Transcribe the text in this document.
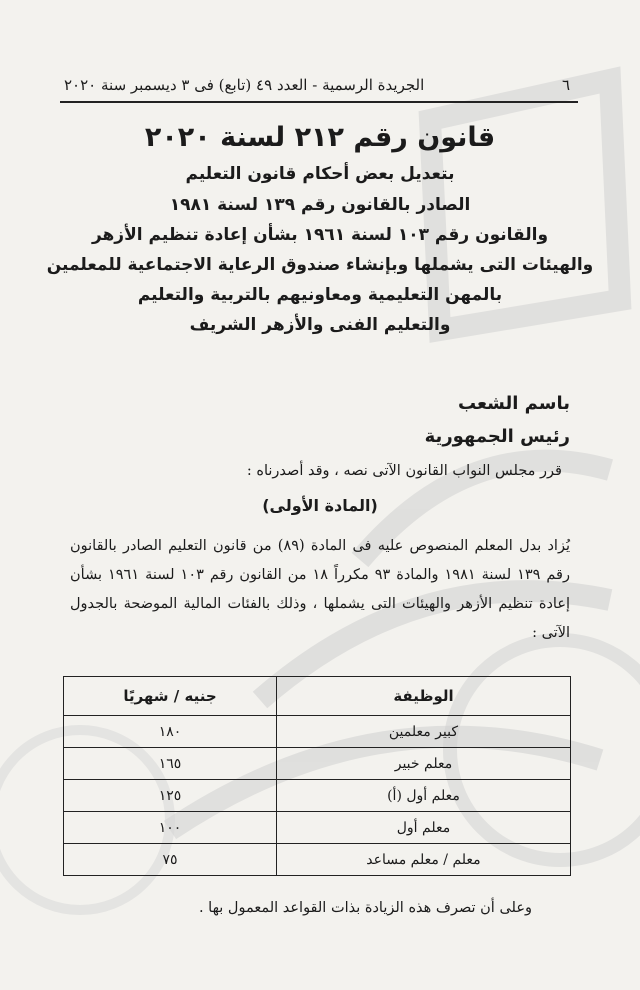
٦
الجريدة الرسمية - العدد ٤٩ (تابع) فى ٣ ديسمبر سنة ٢٠٢٠
قانون رقم ٢١٢ لسنة ٢٠٢٠
بتعديل بعض أحكام قانون التعليم
الصادر بالقانون رقم ١٣٩ لسنة ١٩٨١
والقانون رقم ١٠٣ لسنة ١٩٦١ بشأن إعادة تنظيم الأزهر
والهيئات التى يشملها وبإنشاء صندوق الرعاية الاجتماعية للمعلمين
بالمهن التعليمية ومعاونيهم بالتربية والتعليم
والتعليم الفنى والأزهر الشريف
باسم الشعب
رئيس الجمهورية
قرر مجلس النواب القانون الآتى نصه ، وقد أصدرناه :
(المادة الأولى)
يُزاد بدل المعلم المنصوص عليه فى المادة (٨٩) من قانون التعليم الصادر بالقانون رقم ١٣٩ لسنة ١٩٨١ والمادة ٩٣ مكرراً ١٨ من القانون رقم ١٠٣ لسنة ١٩٦١ بشأن إعادة تنظيم الأزهر والهيئات التى يشملها ، وذلك بالفئات المالية الموضحة بالجدول الآتى :
الوظيفة	جنيه / شهريًا
كبير معلمين	١٨٠
معلم خبير	١٦٥
معلم أول (أ)	١٢٥
معلم أول	١٠٠
معلم / معلم مساعد	٧٥
وعلى أن تصرف هذه الزيادة بذات القواعد المعمول بها .
